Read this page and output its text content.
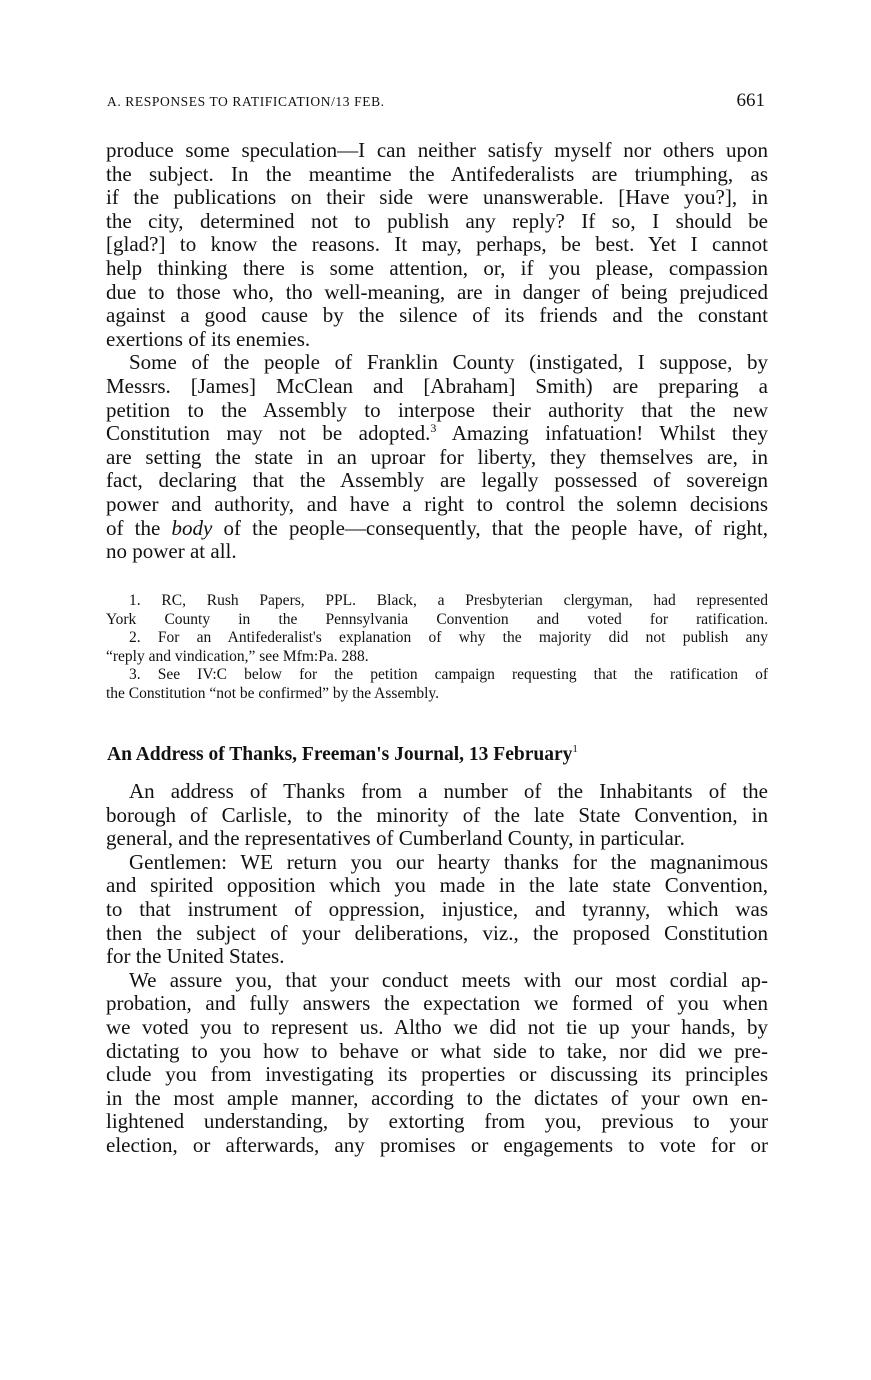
A. RESPONSES TO RATIFICATION/13 FEB.	661
produce some speculation—I can neither satisfy myself nor others upon
the subject. In the meantime the Antifederalists are triumphing, as
if the publications on their side were unanswerable. [Have you?], in
the city, determined not to publish any reply? If so, I should be
[glad?] to know the reasons. It may, perhaps, be best. Yet I cannot
help thinking there is some attention, or, if you please, compassion
due to those who, tho well-meaning, are in danger of being prejudiced
against a good cause by the silence of its friends and the constant
exertions of its enemies.
Some of the people of Franklin County (instigated, I suppose, by
Messrs. [James] McClean and [Abraham] Smith) are preparing a
petition to the Assembly to interpose their authority that the new
Constitution may not be adopted.$^3$ Amazing infatuation! Whilst they
are setting the state in an uproar for liberty, they themselves are, in
fact, declaring that the Assembly are legally possessed of sovereign
power and authority, and have a right to control the solemn decisions
of the body of the people—consequently, that the people have, of right,
no power at all.
1. RC, Rush Papers, PPL. Black, a Presbyterian clergyman, had represented
York County in the Pennsylvania Convention and voted for ratification.
2. For an Antifederalist's explanation of why the majority did not publish any
“reply and vindication,” see Mfm:Pa. 288.
3. See IV:C below for the petition campaign requesting that the ratification of
the Constitution “not be confirmed” by the Assembly.
An Address of Thanks, Freeman's Journal, 13 February$^1$
An address of Thanks from a number of the Inhabitants of the
borough of Carlisle, to the minority of the late State Convention, in
general, and the representatives of Cumberland County, in particular.
Gentlemen: WE return you our hearty thanks for the magnanimous
and spirited opposition which you made in the late state Convention,
to that instrument of oppression, injustice, and tyranny, which was
then the subject of your deliberations, viz., the proposed Constitution
for the United States.
We assure you, that your conduct meets with our most cordial ap-
probation, and fully answers the expectation we formed of you when
we voted you to represent us. Altho we did not tie up your hands, by
dictating to you how to behave or what side to take, nor did we pre-
clude you from investigating its properties or discussing its principles
in the most ample manner, according to the dictates of your own en-
lightened understanding, by extorting from you, previous to your
election, or afterwards, any promises or engagements to vote for or
